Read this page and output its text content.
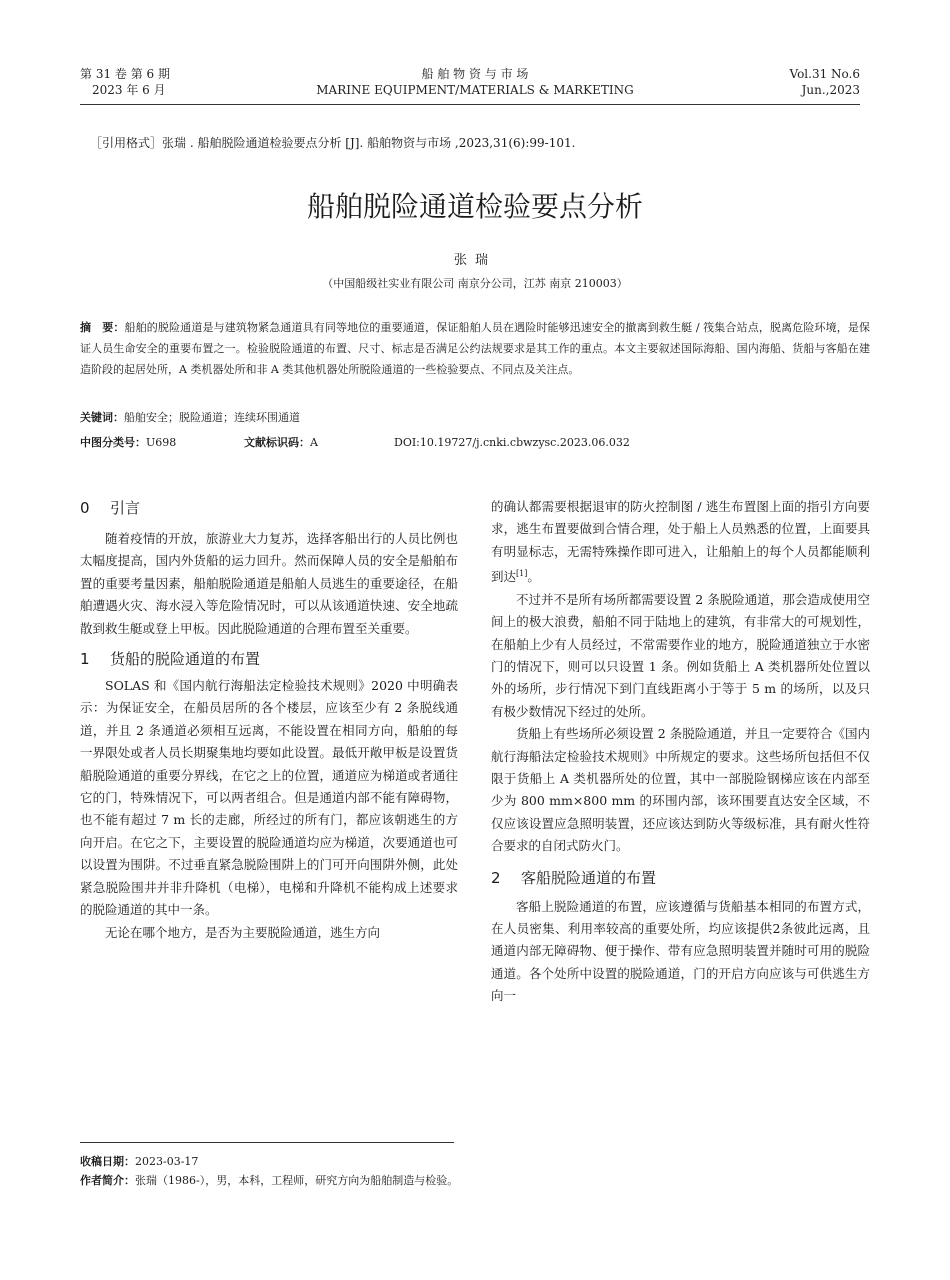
第 31 卷 第 6 期
2023 年 6 月
船 舶 物 资 与 市 场
MARINE EQUIPMENT/MATERIALS & MARKETING
Vol.31 No.6
Jun.,2023
［引用格式］张瑞 . 船舶脱险通道检验要点分析 [J]. 船舶物资与市场 ,2023,31(6):99-101.
船舶脱险通道检验要点分析
张瑞
（中国船级社实业有限公司 南京分公司，江苏 南京 210003）
摘　要：船舶的脱险通道是与建筑物紧急通道具有同等地位的重要通道，保证船舶人员在遇险时能够迅速安全的撤离到救生艇 / 筏集合站点，脱离危险环境，是保证人员生命安全的重要布置之一。检验脱险通道的布置、尺寸、标志是否满足公约法规要求是其工作的重点。本文主要叙述国际海船、国内海船、货船与客船在建造阶段的起居处所，A 类机器处所和非 A 类其他机器处所脱险通道的一些检验要点、不同点及关注点。
关键词：船舶安全；脱险通道；连续环围通道
中图分类号：U698	文献标识码：A	DOI:10.19727/j.cnki.cbwzysc.2023.06.032
0 引言

随着疫情的开放，旅游业大力复苏，选择客船出行的人员比例也太幅度提高，国内外货船的运力回升。然而保障人员的安全是船舶布置的重要考量因素，船舶脱险通道是船舶人员逃生的重要途径，在船舶遭遇火灾、海水浸入等危险情况时，可以从该通道快速、安全地疏散到救生艇或登上甲板。因此脱险通道的合理布置至关重要。

1 货船的脱险通道的布置

SOLAS 和《国内航行海船法定检验技术规则》2020 中明确表示：为保证安全，在船员居所的各个楼层，应该至少有 2 条脱线通道，并且 2 条通道必须相互远离，不能设置在相同方向，船舶的每一界限处或者人员长期聚集地均要如此设置。最低开敞甲板是设置货船脱险通道的重要分界线，在它之上的位置，通道应为梯道或者通往它的门，特殊情况下，可以两者组合。但是通道内部不能有障碍物，也不能有超过 7 m 长的走廊，所经过的所有门，都应该朝逃生的方向开启。在它之下，主要设置的脱险通道均应为梯道，次要通道也可以设置为围阱。不过垂直紧急脱险围阱上的门可开向围阱外侧，此处紧急脱险围井并非升降机（电梯），电梯和升降机不能构成上述要求的脱险通道的其中一条。

无论在哪个地方，是否为主要脱险通道，逃生方向

的确认都需要根据退审的防火控制图 / 逃生布置图上面的指引方向要求，逃生布置要做到合情合理，处于船上人员熟悉的位置，上面要具有明显标志，无需特殊操作即可进入，让船舶上的每个人员都能顺利到达[1]。

不过并不是所有场所都需要设置 2 条脱险通道，那会造成使用空间上的极大浪费，船舶不同于陆地上的建筑，有非常大的可规划性，在船舶上少有人员经过，不常需要作业的地方，脱险通道独立于水密门的情况下，则可以只设置 1 条。例如货船上 A 类机器所处位置以外的场所，步行情况下到门直线距离小于等于 5 m 的场所，以及只有极少数情况下经过的处所。

货船上有些场所必须设置 2 条脱险通道，并且一定要符合《国内航行海船法定检验技术规则》中所规定的要求。这些场所包括但不仅限于货船上 A 类机器所处的位置，其中一部脱险钢梯应该在内部至少为 800 mm×800 mm 的环围内部，该环围要直达安全区域，不仅应该设置应急照明装置，还应该达到防火等级标准，具有耐火性符合要求的自闭式防火门。

2 客船脱险通道的布置

客船上脱险通道的布置，应该遵循与货船基本相同的布置方式，在人员密集、利用率较高的重要处所，均应该提供2条彼此远离，且通道内部无障碍物、便于操作、带有应急照明装置并随时可用的脱险通道。各个处所中设置的脱险通道，门的开启方向应该与可供逃生方向一

收稿日期：2023-03-17
作者简介：张瑞（1986-），男，本科，工程师，研究方向为船舶制造与检验。
